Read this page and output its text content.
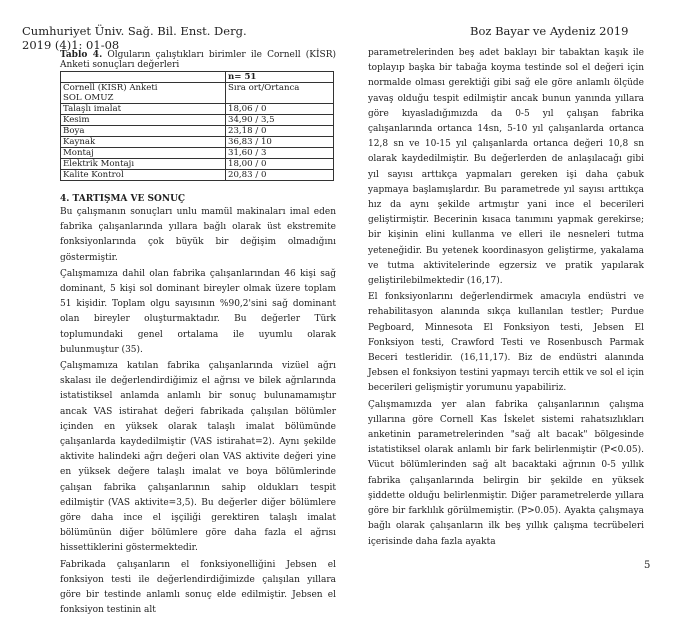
Cumhuriyet Üniv. Sağ. Bil. Enst. Derg.
2019 (4)1: 01-08
Boz Bayar ve Aydeniz 2019
Tablo 4. Olguların çalıştıkları birimler ile Cornell (KİSR) Anketi sonuçları değerleri
	n= 51

Cornell (KİSR) Anketi
SOL OMUZ	Sıra ort/Ortanca
Talaşlı imalat	18,06 / 0
Kesim	34,90 / 3,5
Boya	23,18 / 0
Kaynak	36,83 / 10
Montaj	31,60 / 3
Elektrik Montajı	18,00 / 0
Kalite Kontrol	20,83 / 0
4. TARTIŞMA VE SONUÇ

Bu çalışmanın sonuçları unlu mamül makinaları imal eden fabrika çalışanlarında yıllara bağlı olarak üst ekstremite fonksiyonlarında çok büyük bir değişim olmadığını göstermiştir.

Çalışmamıza dahil olan fabrika çalışanlarından 46 kişi sağ dominant, 5 kişi sol dominant bireyler olmak üzere toplam 51 kişidir. Toplam olgu sayısının %90,2'sini sağ dominant olan bireyler oluşturmaktadır. Bu değerler Türk toplumundaki genel ortalama ile uyumlu olarak bulunmuştur (35).

Çalışmamıza katılan fabrika çalışanlarında vizüel ağrı skalası ile değerlendirdiğimiz el ağrısı ve bilek ağrılarında istatistiksel anlamda anlamlı bir sonuç bulunamamıştır ancak VAS istirahat değeri fabrikada çalışılan bölümler içinden en yüksek olarak talaşlı imalat bölümünde çalışanlarda kaydedilmiştir (VAS istirahat=2). Aynı şekilde aktivite halindeki ağrı değeri olan VAS aktivite değeri yine en yüksek değere talaşlı imalat ve boya bölümlerinde çalışan fabrika çalışanlarının sahip oldukları tespit edilmiştir (VAS aktivite=3,5). Bu değerler diğer bölümlere göre daha ince el işçiliği gerektiren talaşlı imalat bölümünün diğer bölümlere göre daha fazla el ağrısı hissettiklerini göstermektedir.

Fabrikada çalışanların el fonksiyonelliğini Jebsen el fonksiyon testi ile değerlendirdiğimizde çalışılan yıllara göre bir testinde anlamlı sonuç elde edilmiştir. Jebsen el fonksiyon testinin alt

parametrelerinden beş adet baklayı bir tabaktan kaşık ile toplayıp başka bir tabağa koyma testinde sol el değeri için normalde olması gerektiği gibi sağ ele göre anlamlı ölçüde yavaş olduğu tespit edilmiştir ancak bunun yanında yıllara göre kıyasladığımızda da 0-5 yıl çalışan fabrika çalışanlarında ortanca 14sn, 5-10 yıl çalışanlarda ortanca 12,8 sn ve 10-15 yıl çalışanlarda ortanca değeri 10,8 sn olarak kaydedilmiştir. Bu değerlerden de anlaşılacağı gibi yıl sayısı arttıkça yapmaları gereken işi daha çabuk yapmaya başlamışlardır. Bu parametrede yıl sayısı arttıkça hız da aynı şekilde artmıştır yani ince el becerileri geliştirmiştir. Becerinin kısaca tanımını yapmak gerekirse; bir kişinin elini kullanma ve elleri ile nesneleri tutma yeteneğidir. Bu yetenek koordinasyon geliştirme, yakalama ve tutma aktivitelerinde egzersiz ve pratik yapılarak geliştirilebilmektedir (16,17).

El fonksiyonlarını değerlendirmek amacıyla endüstri ve rehabilitasyon alanında sıkça kullanılan testler; Purdue Pegboard, Minnesota El Fonksiyon testi, Jebsen El Fonksiyon testi, Crawford Testi ve Rosenbusch Parmak Beceri testleridir. (16,11,17). Biz de endüstri alanında Jebsen el fonksiyon testini yapmayı tercih ettik ve sol el için becerileri gelişmiştir yorumunu yapabiliriz.

Çalışmamızda yer alan fabrika çalışanlarının çalışma yıllarına göre Cornell Kas İskelet sistemi rahatsızlıkları anketinin parametrelerinden "sağ alt bacak" bölgesinde istatistiksel olarak anlamlı bir fark belirlenmiştir (P<0.05). Vücut bölümlerinden sağ alt bacaktaki ağrının 0-5 yıllık fabrika çalışanlarında belirgin bir şekilde en yüksek şiddette olduğu belirlenmiştir. Diğer parametrelerde yıllara göre bir farklılık görülmemiştir. (P>0.05). Ayakta çalışmaya bağlı olarak çalışanların ilk beş yıllık çalışma tecrübeleri içerisinde daha fazla ayakta

5
